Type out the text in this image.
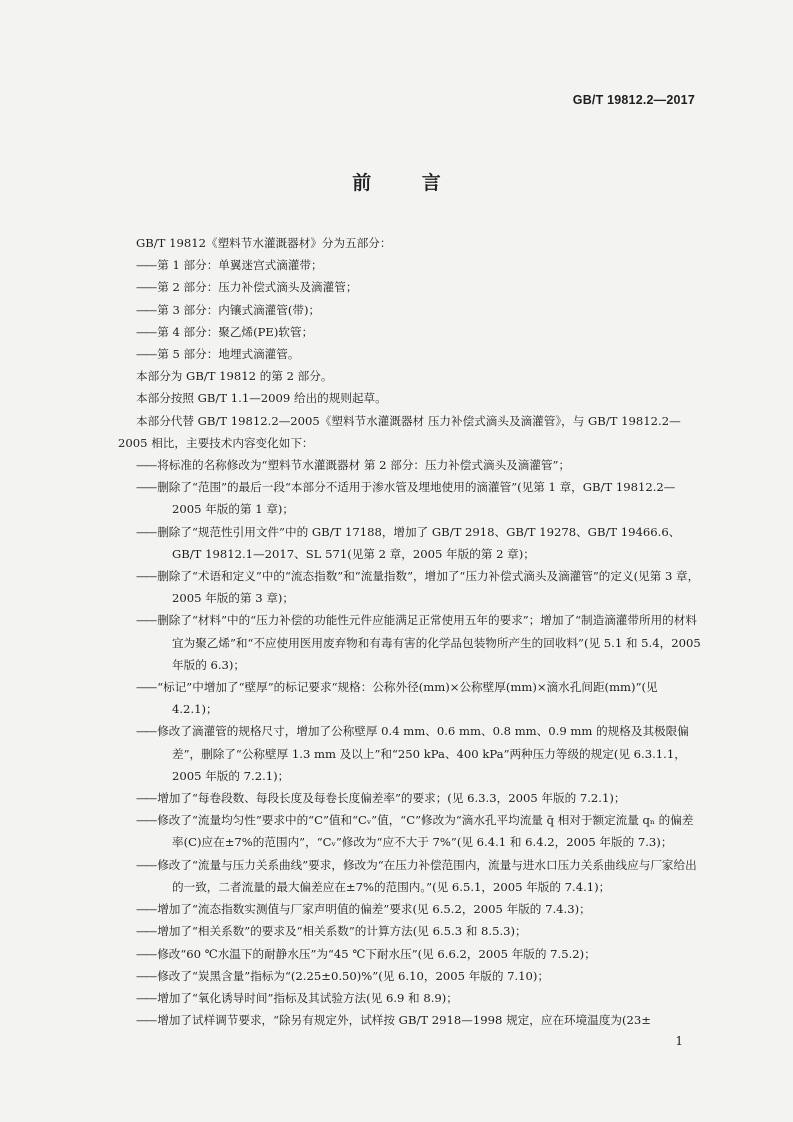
GB/T 19812.2—2017
前 言

GB/T 19812《塑料节水灌溉器材》分为五部分：

—— 第 1 部分：单翼迷宫式滴灌带；

—— 第 2 部分：压力补偿式滴头及滴灌管；

—— 第 3 部分：内镶式滴灌管(带)；

—— 第 4 部分：聚乙烯(PE)软管；

—— 第 5 部分：地埋式滴灌管。

本部分为 GB/T 19812 的第 2 部分。

本部分按照 GB/T 1.1—2009 给出的规则起草。

本部分代替 GB/T 19812.2—2005《塑料节水灌溉器材 压力补偿式滴头及滴灌管》，与 GB/T 19812.2—2005 相比，主要技术内容变化如下：

—— 将标准的名称修改为“塑料节水灌溉器材 第 2 部分：压力补偿式滴头及滴灌管”；

—— 删除了“范围”的最后一段“本部分不适用于渗水管及埋地使用的滴灌管”(见第 1 章，GB/T 19812.2—2005 年版的第 1 章)；

—— 删除了“规范性引用文件”中的 GB/T 17188，增加了 GB/T 2918、GB/T 19278、GB/T 19466.6、GB/T 19812.1—2017、SL 571(见第 2 章，2005 年版的第 2 章)；

—— 删除了“术语和定义”中的“流态指数”和“流量指数”，增加了“压力补偿式滴头及滴灌管”的定义(见第 3 章，2005 年版的第 3 章)；

—— 删除了“材料”中的“压力补偿的功能性元件应能满足正常使用五年的要求”；增加了“制造滴灌带所用的材料宜为聚乙烯”和“不应使用医用废弃物和有毒有害的化学品包装物所产生的回收料”(见 5.1 和 5.4，2005 年版的 6.3)；

—— “标记”中增加了“壁厚”的标记要求“规格：公称外径(mm)×公称壁厚(mm)×滴水孔间距(mm)”(见 4.2.1)；

—— 修改了滴灌管的规格尺寸，增加了公称壁厚 0.4 mm、0.6 mm、0.8 mm、0.9 mm 的规格及其极限偏差”，删除了“公称壁厚 1.3 mm 及以上”和“250 kPa、400 kPa”两种压力等级的规定(见 6.3.1.1，2005 年版的 7.2.1)；

—— 增加了“每卷段数、每段长度及每卷长度偏差率”的要求；(见 6.3.3，2005 年版的 7.2.1)；

—— 修改了“流量均匀性”要求中的“C”值和“Cᵥ”值，“C”修改为“滴水孔平均流量 q̄ 相对于额定流量 qₙ 的偏差率(C)应在±7%的范围内”，“Cᵥ”修改为“应不大于 7%”(见 6.4.1 和 6.4.2，2005 年版的 7.3)；

—— 修改了“流量与压力关系曲线”要求，修改为“在压力补偿范围内，流量与进水口压力关系曲线应与厂家给出的一致，二者流量的最大偏差应在±7%的范围内。”(见 6.5.1，2005 年版的 7.4.1)；

—— 增加了“流态指数实测值与厂家声明值的偏差”要求(见 6.5.2，2005 年版的 7.4.3)；

—— 增加了“相关系数”的要求及“相关系数”的计算方法(见 6.5.3 和 8.5.3)；

—— 修改“60 ℃水温下的耐静水压”为“45 ℃下耐水压”(见 6.6.2，2005 年版的 7.5.2)；

—— 修改了“炭黑含量”指标为“(2.25±0.50)%”(见 6.10，2005 年版的 7.10)；

—— 增加了“氧化诱导时间”指标及其试验方法(见 6.9 和 8.9)；

—— 增加了试样调节要求，“除另有规定外，试样按 GB/T 2918—1998 规定，应在环境温度为(23±

1
